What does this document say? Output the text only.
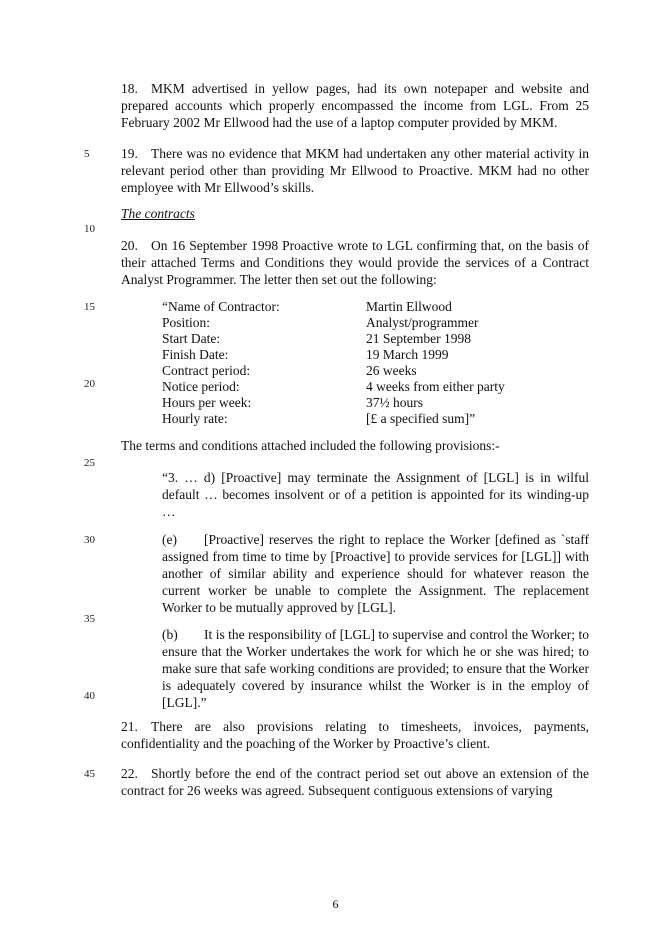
5
10
15
20
25
30
35
40
45

18. MKM advertised in yellow pages, had its own notepaper and website and prepared accounts which properly encompassed the income from LGL. From 25 February 2002 Mr Ellwood had the use of a laptop computer provided by MKM.

19. There was no evidence that MKM had undertaken any other material activity in relevant period other than providing Mr Ellwood to Proactive. MKM had no other employee with Mr Ellwood’s skills.

The contracts

20. On 16 September 1998 Proactive wrote to LGL confirming that, on the basis of their attached Terms and Conditions they would provide the services of a Contract Analyst Programmer. The letter then set out the following:

“Name of Contractor:	Martin Ellwood
Position:	Analyst/programmer
Start Date:	21 September 1998
Finish Date:	19 March 1999
Contract period:	26 weeks
Notice period:	4 weeks from either party
Hours per week:	37½ hours
Hourly rate:	[£ a specified sum]”
The terms and conditions attached included the following provisions:-
“3. … d) [Proactive] may terminate the Assignment of [LGL] is in wilful default … becomes insolvent or of a petition is appointed for its winding-up …
(e) [Proactive] reserves the right to replace the Worker [defined as `staff assigned from time to time by [Proactive] to provide services for [LGL]] with another of similar ability and experience should for whatever reason the current worker be unable to complete the Assignment. The replacement Worker to be mutually approved by [LGL].
(b) It is the responsibility of [LGL] to supervise and control the Worker; to ensure that the Worker undertakes the work for which he or she was hired; to make sure that safe working conditions are provided; to ensure that the Worker is adequately covered by insurance whilst the Worker is in the employ of [LGL].”

21. There are also provisions relating to timesheets, invoices, payments, confidentiality and the poaching of the Worker by Proactive’s client.

22. Shortly before the end of the contract period set out above an extension of the contract for 26 weeks was agreed. Subsequent contiguous extensions of varying

6
